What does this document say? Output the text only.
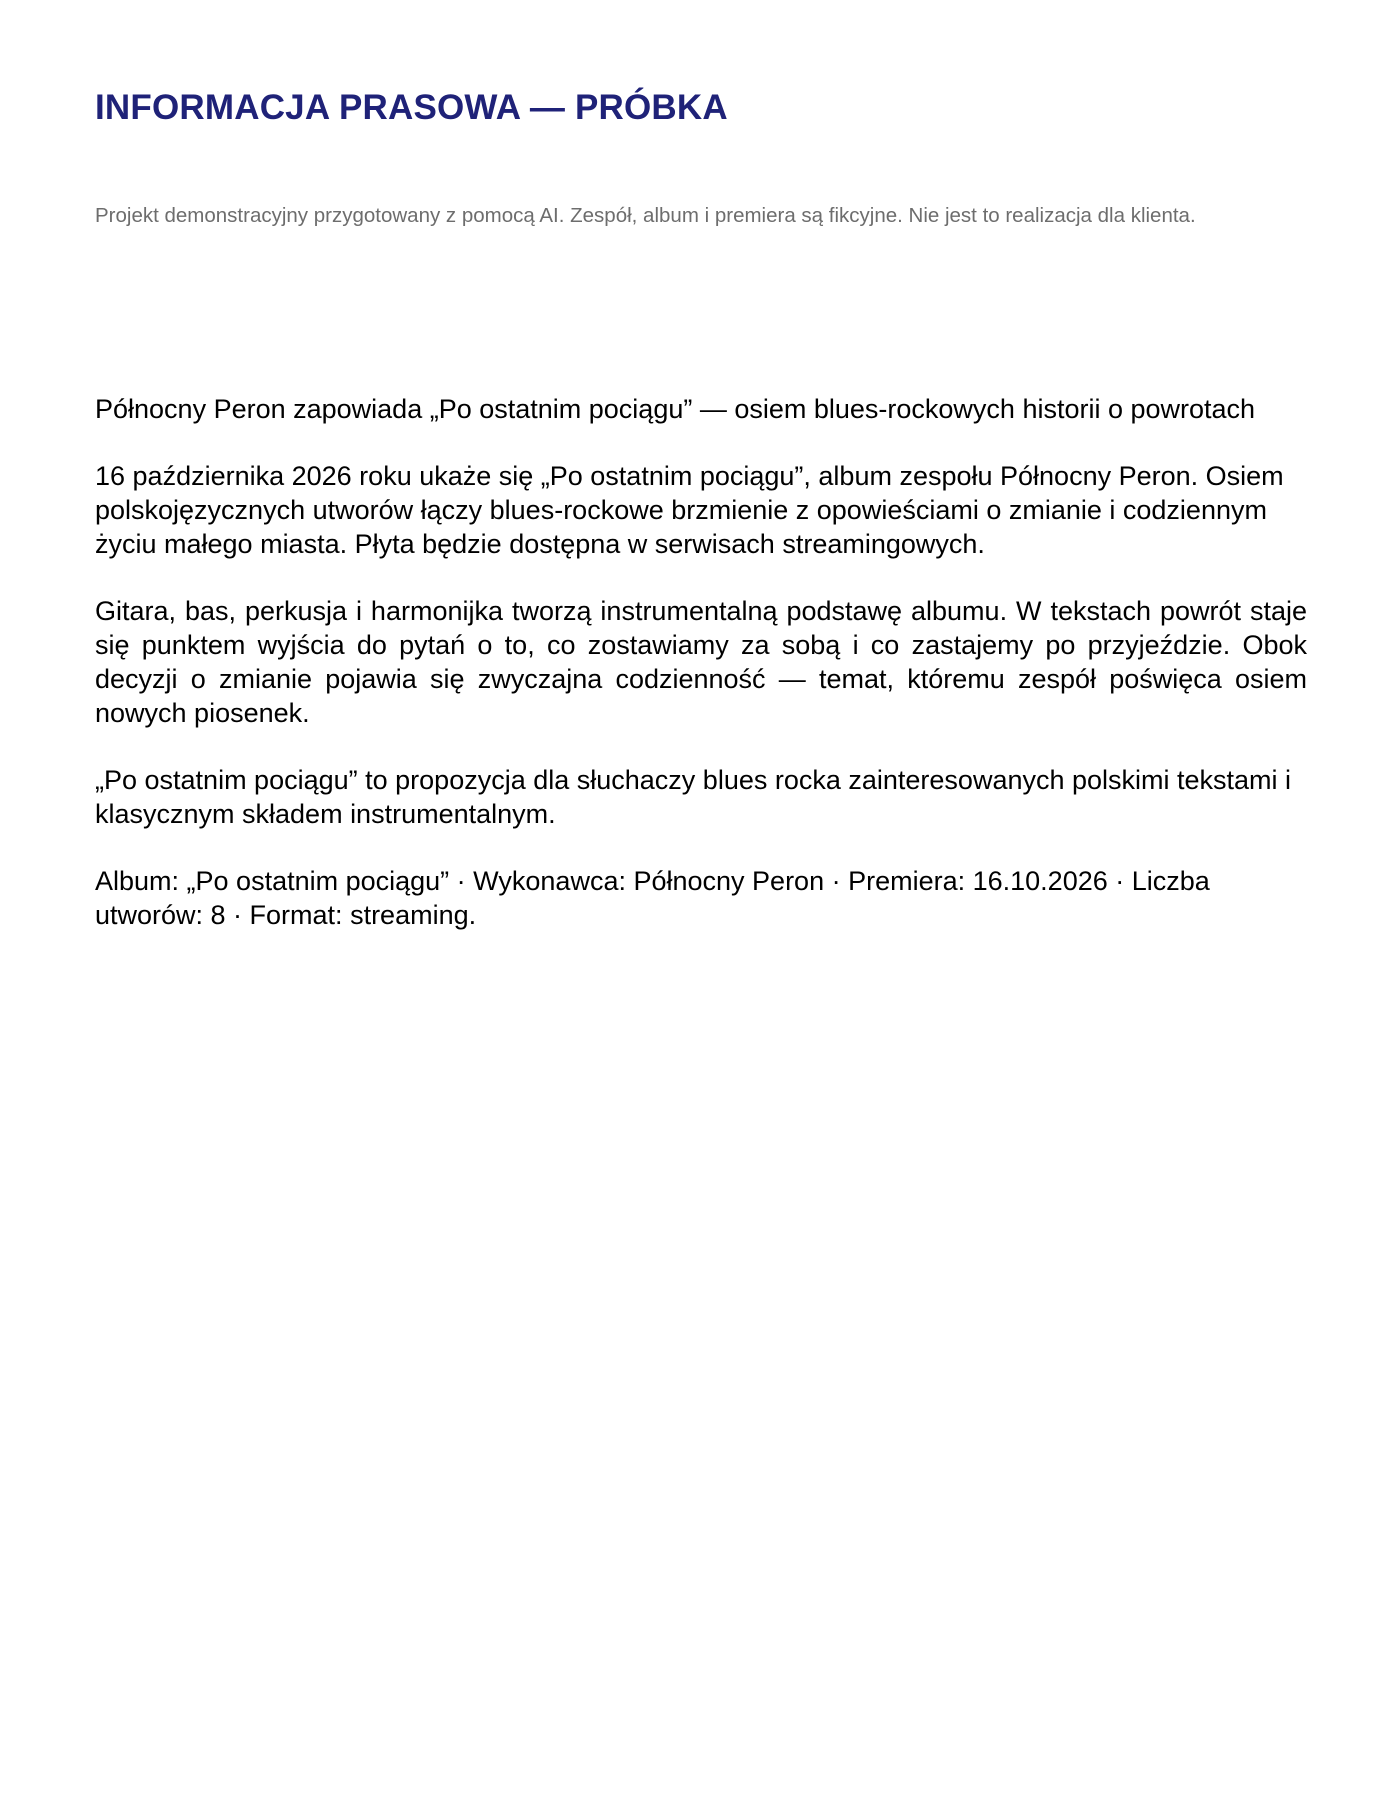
INFORMACJA PRASOWA — PRÓBKA

Projekt demonstracyjny przygotowany z pomocą AI. Zespół, album i premiera są fikcyjne. Nie jest to realizacja dla klienta.

Północny Peron zapowiada „Po ostatnim pociągu” — osiem blues-rockowych historii o powrotach

16 października 2026 roku ukaże się „Po ostatnim pociągu”, album zespołu Północny Peron. Osiem polskojęzycznych utworów łączy blues-rockowe brzmienie z opowieściami o zmianie i codziennym życiu małego miasta. Płyta będzie dostępna w serwisach streamingowych.

Gitara, bas, perkusja i harmonijka tworzą instrumentalną podstawę albumu. W tekstach powrót staje się punktem wyjścia do pytań o to, co zostawiamy za sobą i co zastajemy po przyjeździe. Obok decyzji o zmianie pojawia się zwyczajna codzienność — temat, któremu zespół poświęca osiem nowych piosenek.

„Po ostatnim pociągu” to propozycja dla słuchaczy blues rocka zainteresowanych polskimi tekstami i klasycznym składem instrumentalnym.

Album: „Po ostatnim pociągu” · Wykonawca: Północny Peron · Premiera: 16.10.2026 · Liczba utworów: 8 · Format: streaming.
